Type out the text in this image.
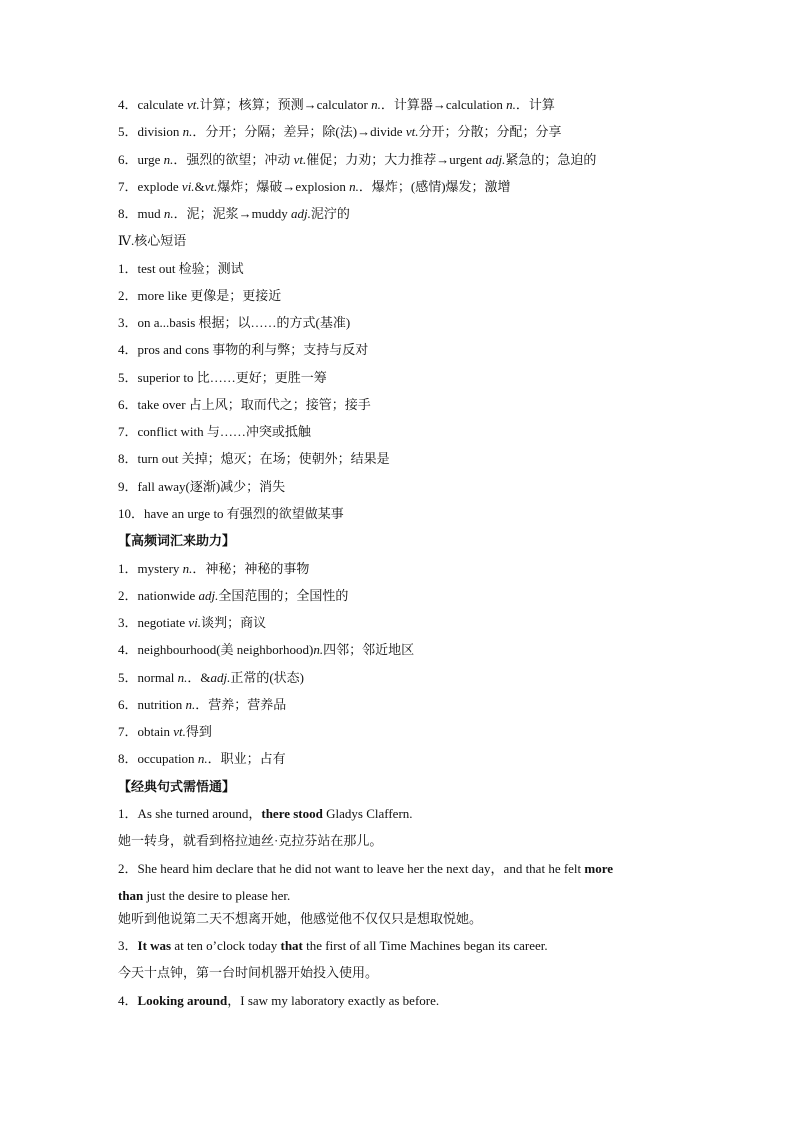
4．calculate vt.计算；核算；预测→calculator n.．计算器→calculation n.．计算
5．division n.．分开；分隔；差异；除(法)→divide vt.分开；分散；分配；分享
6．urge n.．强烈的欲望；冲动 vt.催促；力劝；大力推荐→urgent adj.紧急的；急迫的
7．explode vi.&vt.爆炸；爆破→explosion n.．爆炸；(感情)爆发；激增
8．mud n.．泥；泥浆→muddy adj.泥泞的
Ⅳ.核心短语
1．test out 检验；测试
2．more like 更像是；更接近
3．on a...basis 根据；以……的方式(基准)
4．pros and cons 事物的利与弊；支持与反对
5．superior to 比……更好；更胜一筹
6．take over 占上风；取而代之；接管；接手
7．conflict with 与……冲突或抵触
8．turn out 关掉；熄灭；在场；使朝外；结果是
9．fall away(逐渐)减少；消失
10．have an urge to 有强烈的欲望做某事
【高频词汇来助力】
1．mystery n.．神秘；神秘的事物
2．nationwide adj.全国范围的；全国性的
3．negotiate vi.谈判；商议
4．neighbourhood(美 neighborhood)n.四邻；邻近地区
5．normal n.．&adj.正常的(状态)
6．nutrition n.．营养；营养品
7．obtain vt.得到
8．occupation n.．职业；占有
【经典句式需悟通】
1．As she turned around，there stood Gladys Claffern.
她一转身，就看到格拉迪丝·克拉芬站在那儿。
2．She heard him declare that he did not want to leave her the next day，and that he felt more
than just the desire to please her.
她听到他说第二天不想离开她，他感觉他不仅仅只是想取悦她。
3．It was at ten o’clock today that the first of all Time Machines began its career.
今天十点钟，第一台时间机器开始投入使用。
4．Looking around，I saw my laboratory exactly as before.
